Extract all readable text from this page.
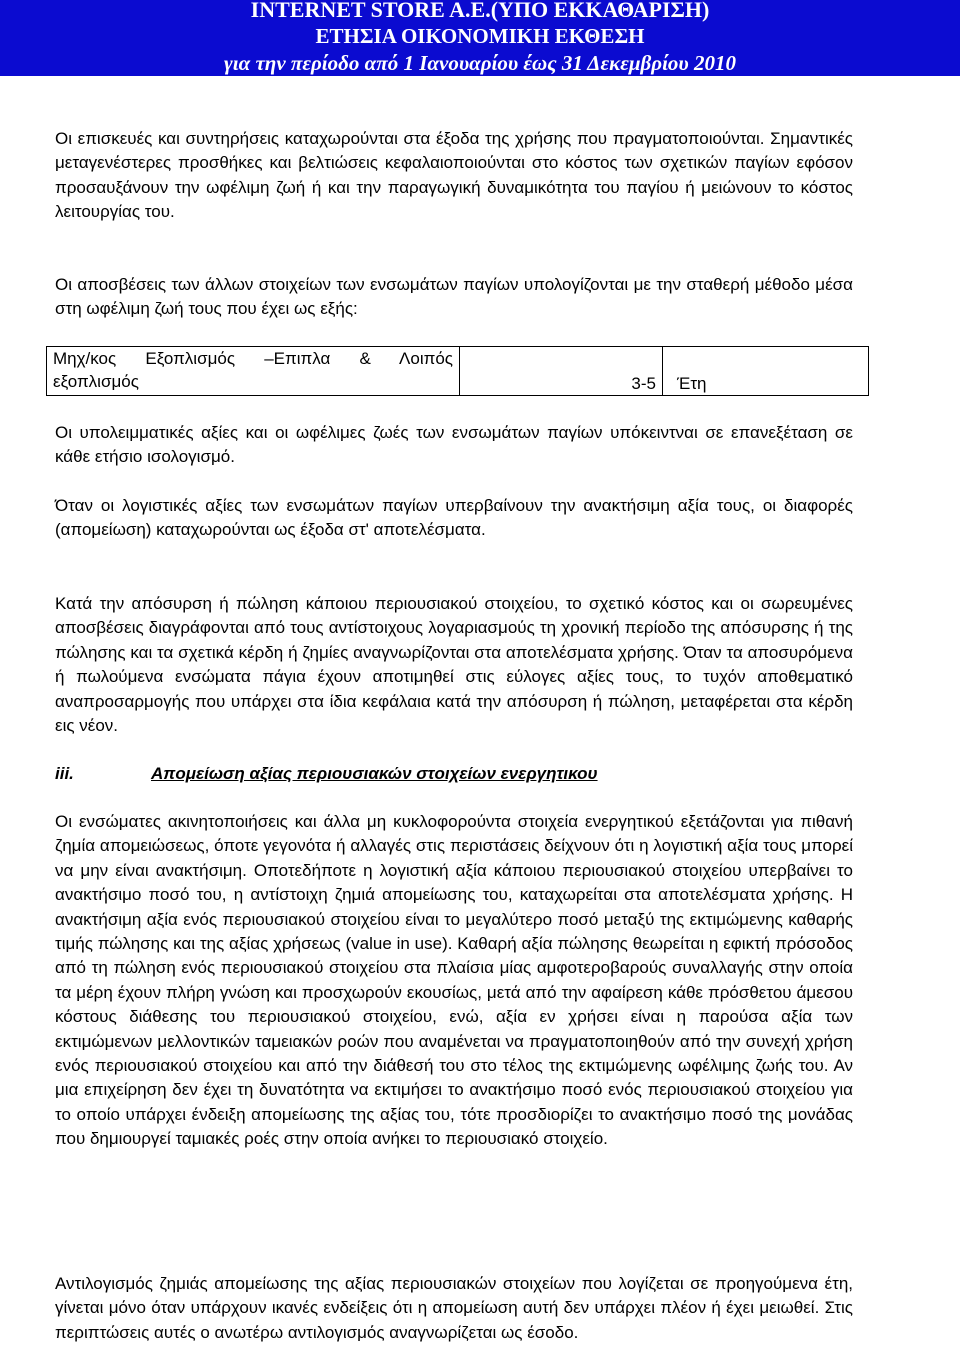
INTERNET STORE A.E.(ΥΠΟ ΕΚΚΑΘΑΡΙΣΗ)
ΕΤΗΣΙΑ ΟΙΚΟΝΟΜΙΚΗ ΕΚΘΕΣΗ
για την περίοδο από 1 Ιανουαρίου έως 31 Δεκεμβρίου 2010

Οι επισκευές και συντηρήσεις καταχωρούνται στα έξοδα της χρήσης που πραγματοποιούνται. Σημαντικές μεταγενέστερες προσθήκες και βελτιώσεις κεφαλαιοποιούνται στο κόστος των σχετικών παγίων εφόσον προσαυξάνουν την ωφέλιμη ζωή ή και την παραγωγική δυναμικότητα του παγίου ή μειώνουν το κόστος λειτουργίας του.

Οι αποσβέσεις των άλλων στοιχείων των ενσωμάτων παγίων υπολογίζονται με την σταθερή μέθοδο μέσα στη ωφέλιμη ζωή τους που έχει ως εξής:

Μηχ/κος Εξοπλισμός –Επιπλα & Λοιπός
εξοπλισμός	3-5	Έτη

Οι υπολειμματικές αξίες και οι ωφέλιμες ζωές των ενσωμάτων παγίων υπόκειντναι σε επανεξέταση σε κάθε ετήσιο ισολογισμό.

Όταν οι λογιστικές αξίες των ενσωμάτων παγίων υπερβαίνουν την ανακτήσιμη αξία τους, οι διαφορές (απομείωση) καταχωρούνται ως έξοδα στ' αποτελέσματα.

Κατά την απόσυρση ή πώληση κάποιου περιουσιακού στοιχείου, το σχετικό κόστος και οι σωρευμένες αποσβέσεις διαγράφονται από τους αντίστοιχους λογαριασμούς τη χρονική περίοδο της απόσυρσης ή της πώλησης και τα σχετικά κέρδη ή ζημίες αναγνωρίζονται στα αποτελέσματα χρήσης. Όταν τα αποσυρόμενα ή πωλούμενα ενσώματα πάγια έχουν αποτιμηθεί στις εύλογες αξίες τους, το τυχόν αποθεματικό αναπροσαρμογής που υπάρχει στα ίδια κεφάλαια κατά την απόσυρση ή πώληση, μεταφέρεται στα κέρδη εις νέον.

iii.	Απομείωση αξίας περιουσιακών στοιχείων ενεργητικου

Οι ενσώματες ακινητοποιήσεις και άλλα μη κυκλοφορούντα στοιχεία ενεργητικού εξετάζονται για πιθανή ζημία απομειώσεως, όποτε γεγονότα ή αλλαγές στις περιστάσεις δείχνουν ότι η λογιστική αξία τους μπορεί να μην είναι ανακτήσιμη. Οποτεδήποτε η λογιστική αξία κάποιου περιουσιακού στοιχείου υπερβαίνει το ανακτήσιμο ποσό του, η αντίστοιχη ζημιά απομείωσης του, καταχωρείται στα αποτελέσματα χρήσης. Η ανακτήσιμη αξία ενός περιουσιακού στοιχείου είναι το μεγαλύτερο ποσό μεταξύ της εκτιμώμενης καθαρής τιμής πώλησης και της αξίας χρήσεως (value in use). Καθαρή αξία πώλησης θεωρείται η εφικτή πρόσοδος από τη πώληση ενός περιουσιακού στοιχείου στα πλαίσια μίας αμφοτεροβαρούς συναλλαγής στην οποία τα μέρη έχουν πλήρη γνώση και προσχωρούν εκουσίως, μετά από την αφαίρεση κάθε πρόσθετου άμεσου κόστους διάθεσης του περιουσιακού στοιχείου, ενώ, αξία εν χρήσει είναι η παρούσα αξία των εκτιμώμενων μελλοντικών ταμειακών ροών που αναμένεται να πραγματοποιηθούν από την συνεχή χρήση ενός περιουσιακού στοιχείου και από την διάθεσή του στο τέλος της εκτιμώμενης ωφέλιμης ζωής του. Αν μια επιχείρηση δεν έχει τη δυνατότητα να εκτιμήσει το ανακτήσιμο ποσό ενός περιουσιακού στοιχείου για το οποίο υπάρχει ένδειξη απομείωσης της αξίας του, τότε προσδιορίζει το ανακτήσιμο ποσό της μονάδας που δημιουργεί ταμιακές ροές στην οποία ανήκει το περιουσιακό στοιχείο.

Αντιλογισμός ζημιάς απομείωσης της αξίας περιουσιακών στοιχείων που λογίζεται σε προηγούμενα έτη, γίνεται μόνο όταν υπάρχουν ικανές ενδείξεις ότι η απομείωση αυτή δεν υπάρχει πλέον ή έχει μειωθεί. Στις περιπτώσεις αυτές ο ανωτέρω αντιλογισμός αναγνωρίζεται ως έσοδο.
